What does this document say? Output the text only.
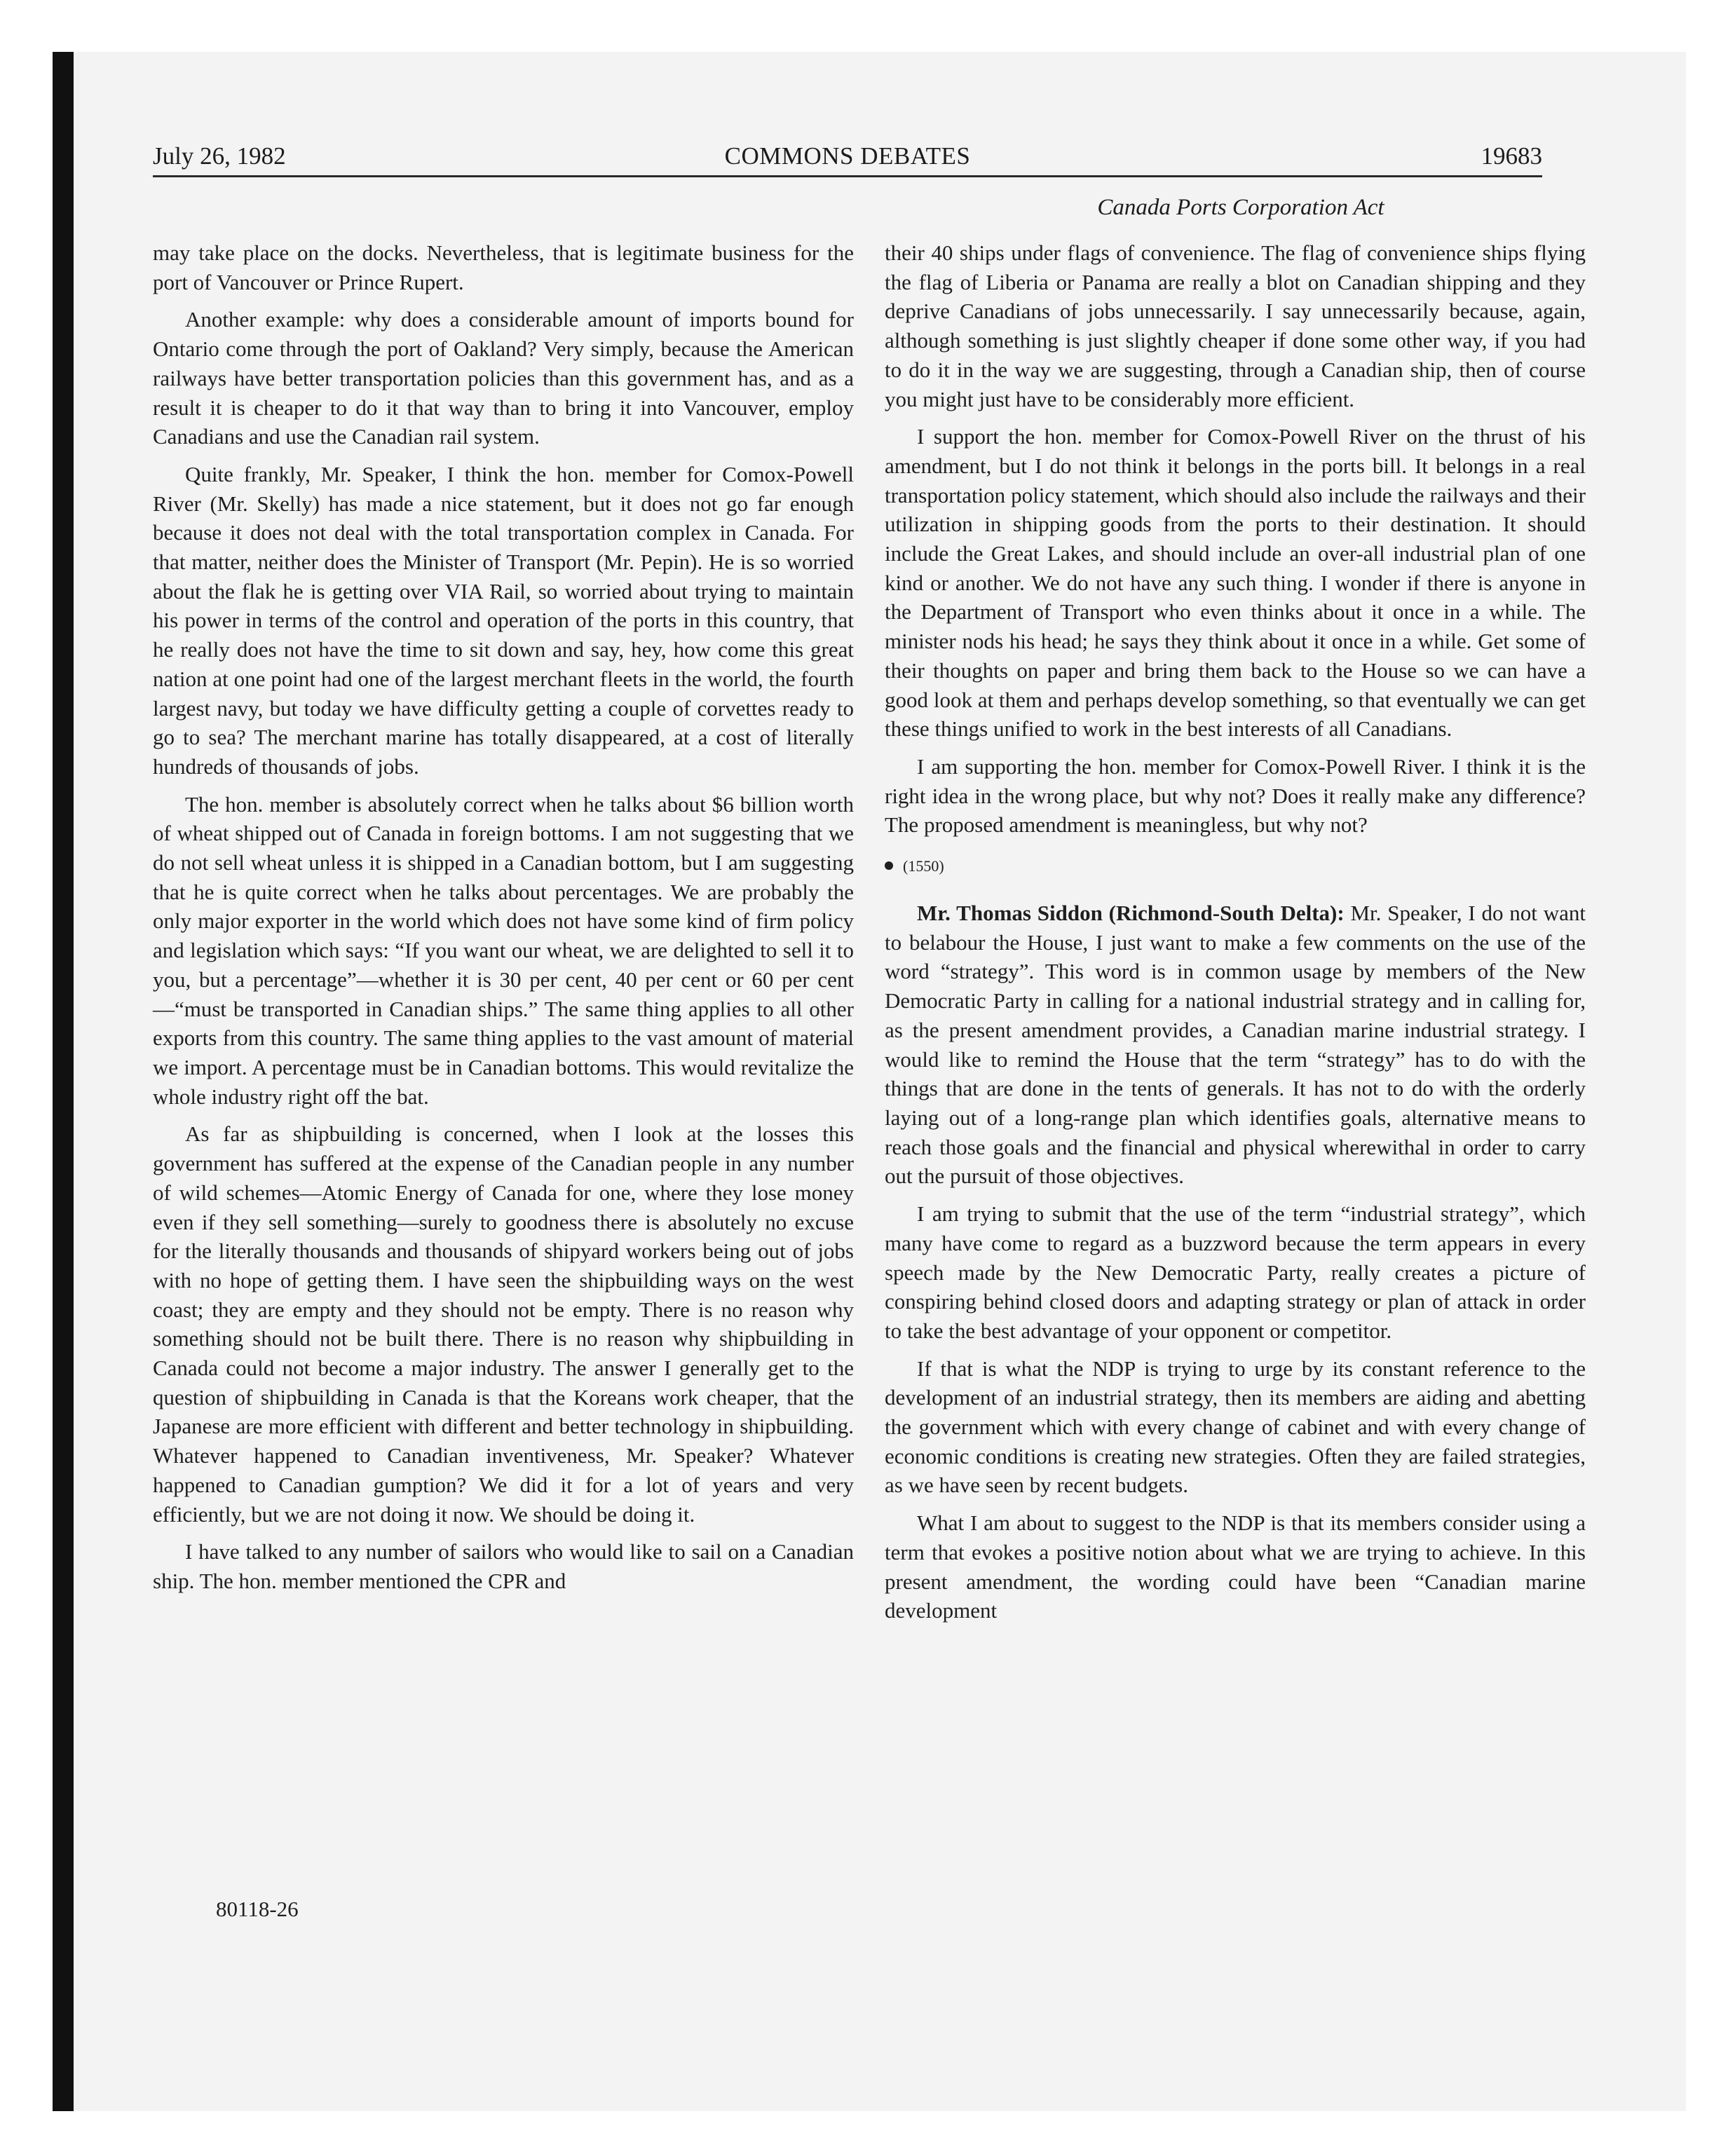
July 26, 1982	COMMONS DEBATES	19683
Canada Ports Corporation Act

may take place on the docks. Nevertheless, that is legitimate business for the port of Vancouver or Prince Rupert.

Another example: why does a considerable amount of imports bound for Ontario come through the port of Oakland? Very simply, because the American railways have better transportation policies than this government has, and as a result it is cheaper to do it that way than to bring it into Vancouver, employ Canadians and use the Canadian rail system.

Quite frankly, Mr. Speaker, I think the hon. member for Comox-Powell River (Mr. Skelly) has made a nice statement, but it does not go far enough because it does not deal with the total transportation complex in Canada. For that matter, neither does the Minister of Transport (Mr. Pepin). He is so worried about the flak he is getting over VIA Rail, so worried about trying to maintain his power in terms of the control and operation of the ports in this country, that he really does not have the time to sit down and say, hey, how come this great nation at one point had one of the largest merchant fleets in the world, the fourth largest navy, but today we have difficulty getting a couple of corvettes ready to go to sea? The merchant marine has totally disappeared, at a cost of literally hundreds of thousands of jobs.

The hon. member is absolutely correct when he talks about $6 billion worth of wheat shipped out of Canada in foreign bottoms. I am not suggesting that we do not sell wheat unless it is shipped in a Canadian bottom, but I am suggesting that he is quite correct when he talks about percentages. We are probably the only major exporter in the world which does not have some kind of firm policy and legislation which says: “If you want our wheat, we are delighted to sell it to you, but a percentage”—whether it is 30 per cent, 40 per cent or 60 per cent—“must be transported in Canadian ships.” The same thing applies to all other exports from this country. The same thing applies to the vast amount of material we import. A percentage must be in Canadian bottoms. This would revitalize the whole industry right off the bat.

As far as shipbuilding is concerned, when I look at the losses this government has suffered at the expense of the Canadian people in any number of wild schemes—Atomic Energy of Canada for one, where they lose money even if they sell something—surely to goodness there is absolutely no excuse for the literally thousands and thousands of shipyard workers being out of jobs with no hope of getting them. I have seen the shipbuilding ways on the west coast; they are empty and they should not be empty. There is no reason why something should not be built there. There is no reason why shipbuilding in Canada could not become a major industry. The answer I generally get to the question of shipbuilding in Canada is that the Koreans work cheaper, that the Japanese are more efficient with different and better technology in shipbuilding. Whatever happened to Canadian inventiveness, Mr. Speaker? Whatever happened to Canadian gumption? We did it for a lot of years and very efficiently, but we are not doing it now. We should be doing it.

I have talked to any number of sailors who would like to sail on a Canadian ship. The hon. member mentioned the CPR and

their 40 ships under flags of convenience. The flag of convenience ships flying the flag of Liberia or Panama are really a blot on Canadian shipping and they deprive Canadians of jobs unnecessarily. I say unnecessarily because, again, although something is just slightly cheaper if done some other way, if you had to do it in the way we are suggesting, through a Canadian ship, then of course you might just have to be considerably more efficient.

I support the hon. member for Comox-Powell River on the thrust of his amendment, but I do not think it belongs in the ports bill. It belongs in a real transportation policy statement, which should also include the railways and their utilization in shipping goods from the ports to their destination. It should include the Great Lakes, and should include an over-all industrial plan of one kind or another. We do not have any such thing. I wonder if there is anyone in the Department of Transport who even thinks about it once in a while. The minister nods his head; he says they think about it once in a while. Get some of their thoughts on paper and bring them back to the House so we can have a good look at them and perhaps develop something, so that eventually we can get these things unified to work in the best interests of all Canadians.

I am supporting the hon. member for Comox-Powell River. I think it is the right idea in the wrong place, but why not? Does it really make any difference? The proposed amendment is meaningless, but why not?

(1550)

Mr. Thomas Siddon (Richmond-South Delta): Mr. Speaker, I do not want to belabour the House, I just want to make a few comments on the use of the word “strategy”. This word is in common usage by members of the New Democratic Party in calling for a national industrial strategy and in calling for, as the present amendment provides, a Canadian marine industrial strategy. I would like to remind the House that the term “strategy” has to do with the things that are done in the tents of generals. It has not to do with the orderly laying out of a long-range plan which identifies goals, alternative means to reach those goals and the financial and physical wherewithal in order to carry out the pursuit of those objectives.

I am trying to submit that the use of the term “industrial strategy”, which many have come to regard as a buzzword because the term appears in every speech made by the New Democratic Party, really creates a picture of conspiring behind closed doors and adapting strategy or plan of attack in order to take the best advantage of your opponent or competitor.

If that is what the NDP is trying to urge by its constant reference to the development of an industrial strategy, then its members are aiding and abetting the government which with every change of cabinet and with every change of economic conditions is creating new strategies. Often they are failed strategies, as we have seen by recent budgets.

What I am about to suggest to the NDP is that its members consider using a term that evokes a positive notion about what we are trying to achieve. In this present amendment, the wording could have been “Canadian marine development

80118-26
